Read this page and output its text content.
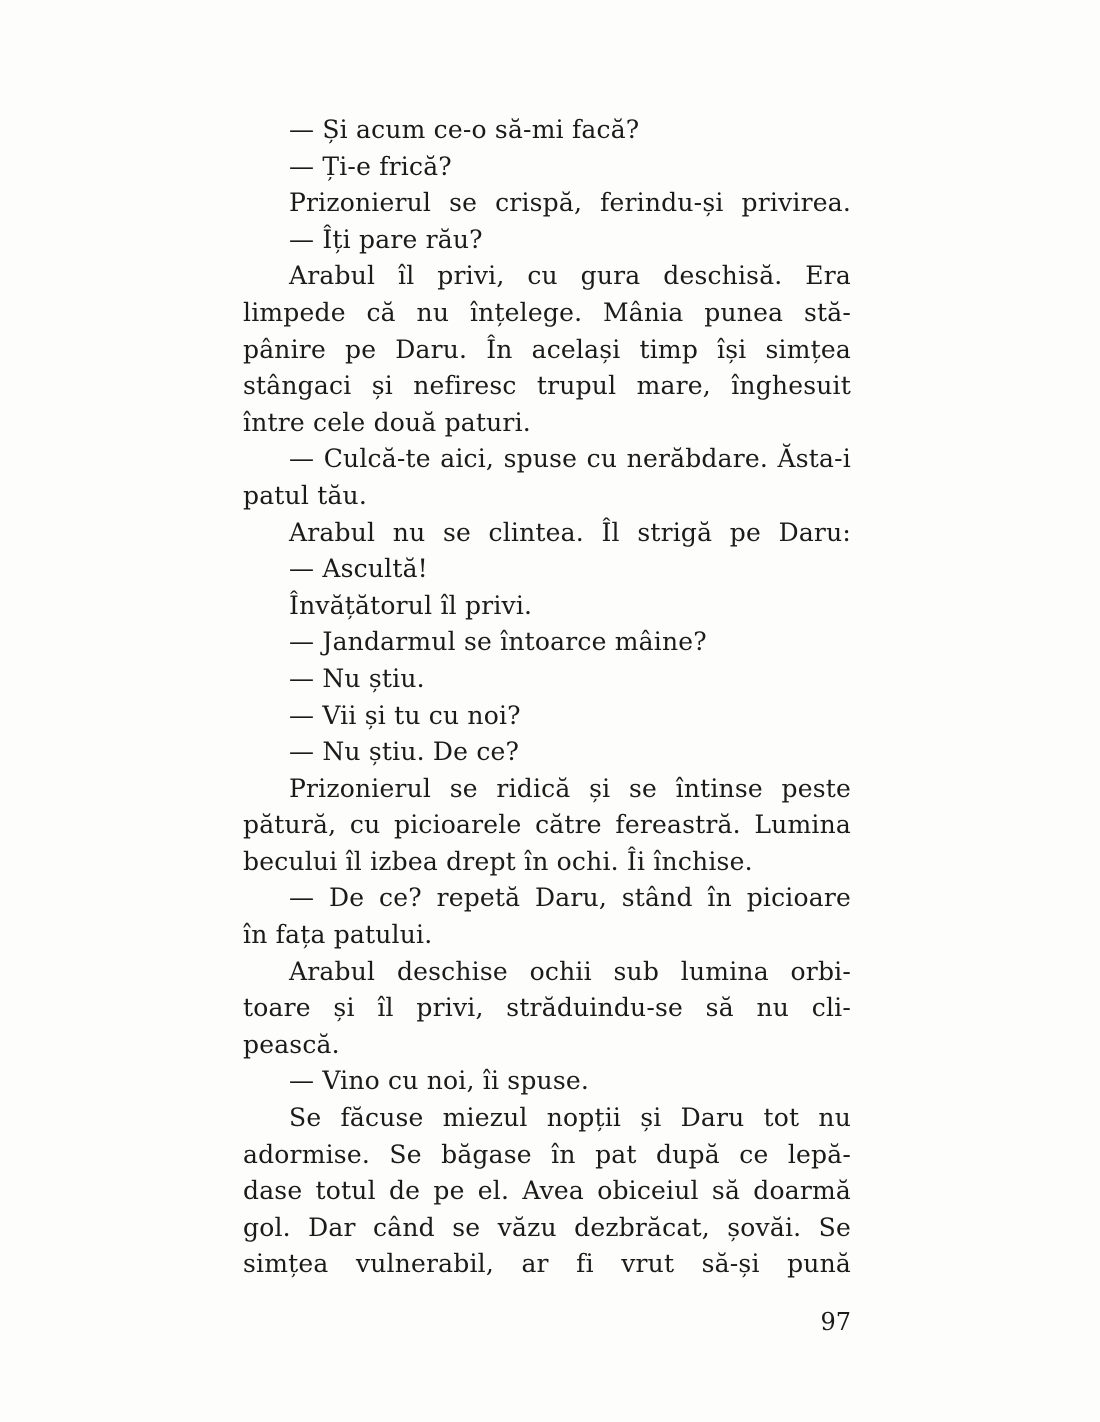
— Și acum ce-o să-mi facă?
— Ți-e frică?
Prizonierul se crispă, ferindu-și privirea.
— Îți pare rău?
Arabul îl privi, cu gura deschisă. Era
limpede că nu înțelege. Mânia punea stă-
pânire pe Daru. În același timp își simțea
stângaci și nefiresc trupul mare, înghesuit
între cele două paturi.
— Culcă-te aici, spuse cu nerăbdare. Ăsta-i
patul tău.
Arabul nu se clintea. Îl strigă pe Daru:
— Ascultă!
Învățătorul îl privi.
— Jandarmul se întoarce mâine?
— Nu știu.
— Vii și tu cu noi?
— Nu știu. De ce?
Prizonierul se ridică și se întinse peste
pătură, cu picioarele către fereastră. Lumina
becului îl izbea drept în ochi. Îi închise.
— De ce? repetă Daru, stând în picioare
în fața patului.
Arabul deschise ochii sub lumina orbi-
toare și îl privi, străduindu-se să nu cli-
pească.
— Vino cu noi, îi spuse.
Se făcuse miezul nopții și Daru tot nu
adormise. Se băgase în pat după ce lepă-
dase totul de pe el. Avea obiceiul să doarmă
gol. Dar când se văzu dezbrăcat, șovăi. Se
simțea vulnerabil, ar fi vrut să-și pună
97
